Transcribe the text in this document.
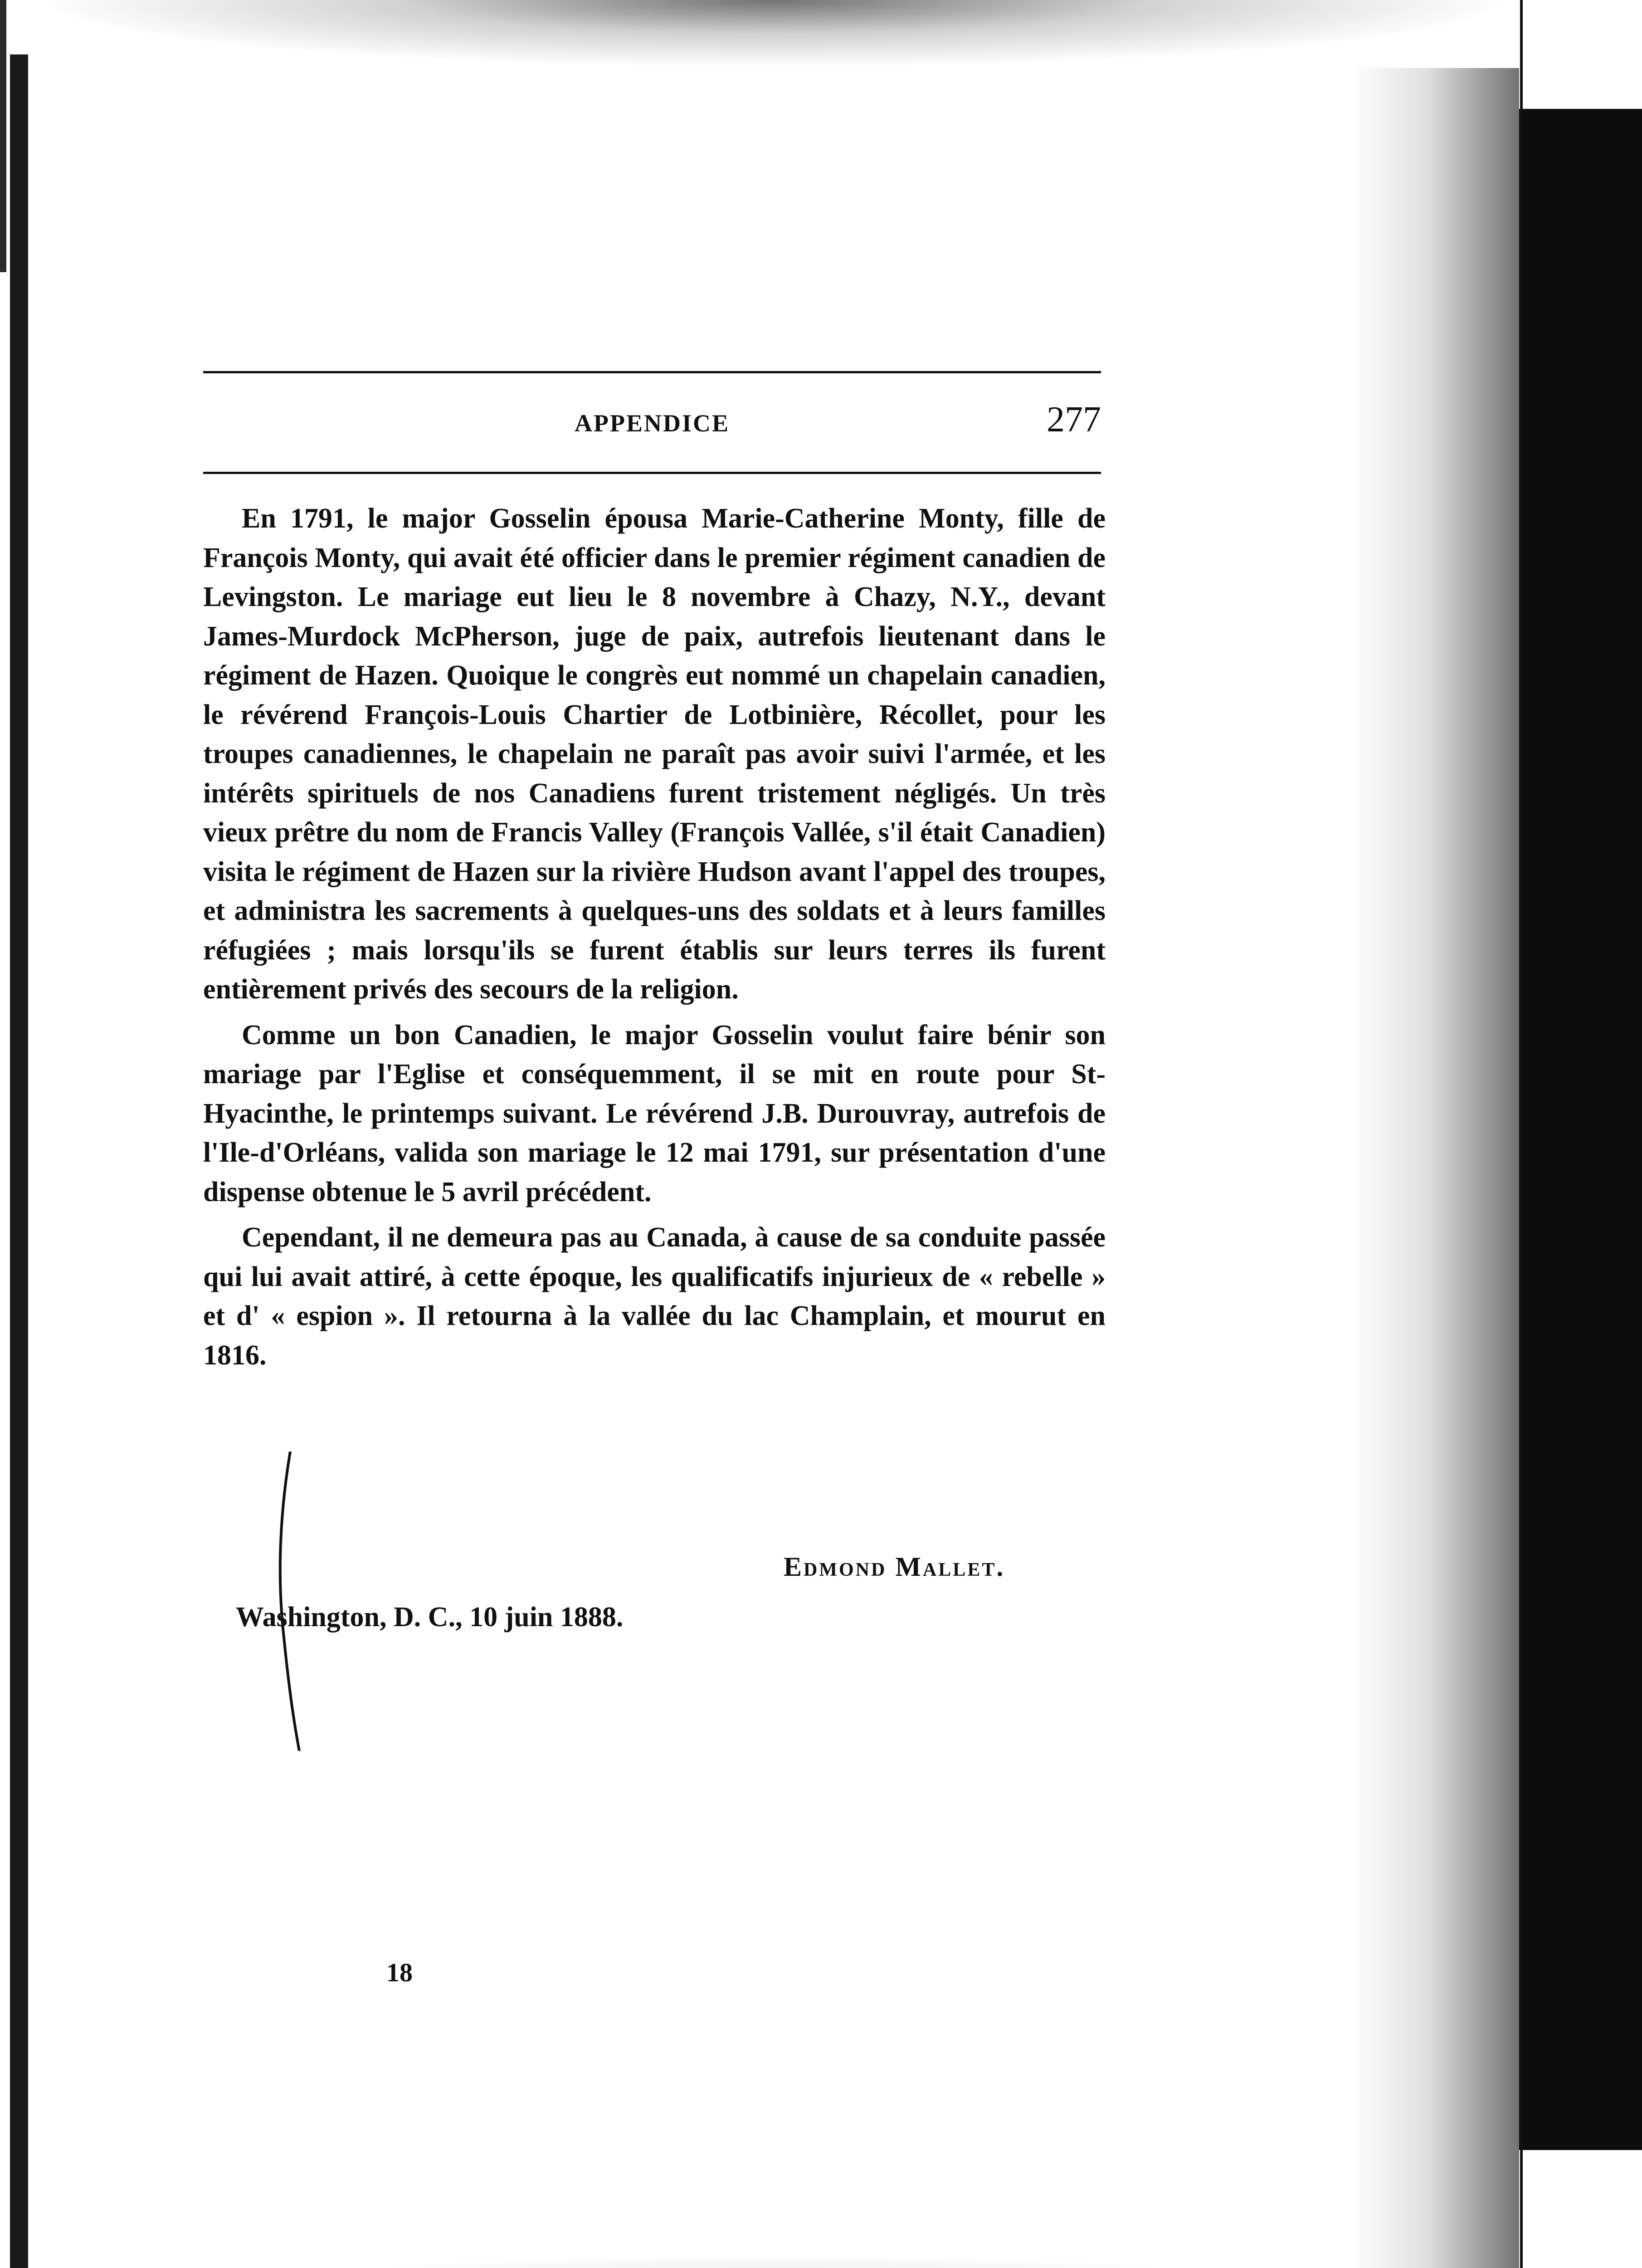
APPENDICE	277

En 1791, le major Gosselin épousa Marie-Catherine Monty, fille de François Monty, qui avait été officier dans le premier régiment canadien de Levingston. Le mariage eut lieu le 8 novembre à Chazy, N.Y., devant James-Murdock McPherson, juge de paix, autrefois lieutenant dans le régiment de Hazen. Quoique le congrès eut nommé un chapelain canadien, le révérend François-Louis Chartier de Lotbinière, Récollet, pour les troupes canadiennes, le chapelain ne paraît pas avoir suivi l'armée, et les intérêts spirituels de nos Canadiens furent tristement négligés. Un très vieux prêtre du nom de Francis Valley (François Vallée, s'il était Canadien) visita le régiment de Hazen sur la rivière Hudson avant l'appel des troupes, et administra les sacrements à quelques-uns des soldats et à leurs familles réfugiées ; mais lorsqu'ils se furent établis sur leurs terres ils furent entièrement privés des secours de la religion.

Comme un bon Canadien, le major Gosselin voulut faire bénir son mariage par l'Eglise et conséquemment, il se mit en route pour St-Hyacinthe, le printemps suivant. Le révérend J.B. Durouvray, autrefois de l'Ile-d'Orléans, valida son mariage le 12 mai 1791, sur présentation d'une dispense obtenue le 5 avril précédent.

Cependant, il ne demeura pas au Canada, à cause de sa conduite passée qui lui avait attiré, à cette époque, les qualificatifs injurieux de « rebelle » et d' « espion ». Il retourna à la vallée du lac Champlain, et mourut en 1816.

Edmond Mallet.
Washington, D. C., 10 juin 1888.
18
